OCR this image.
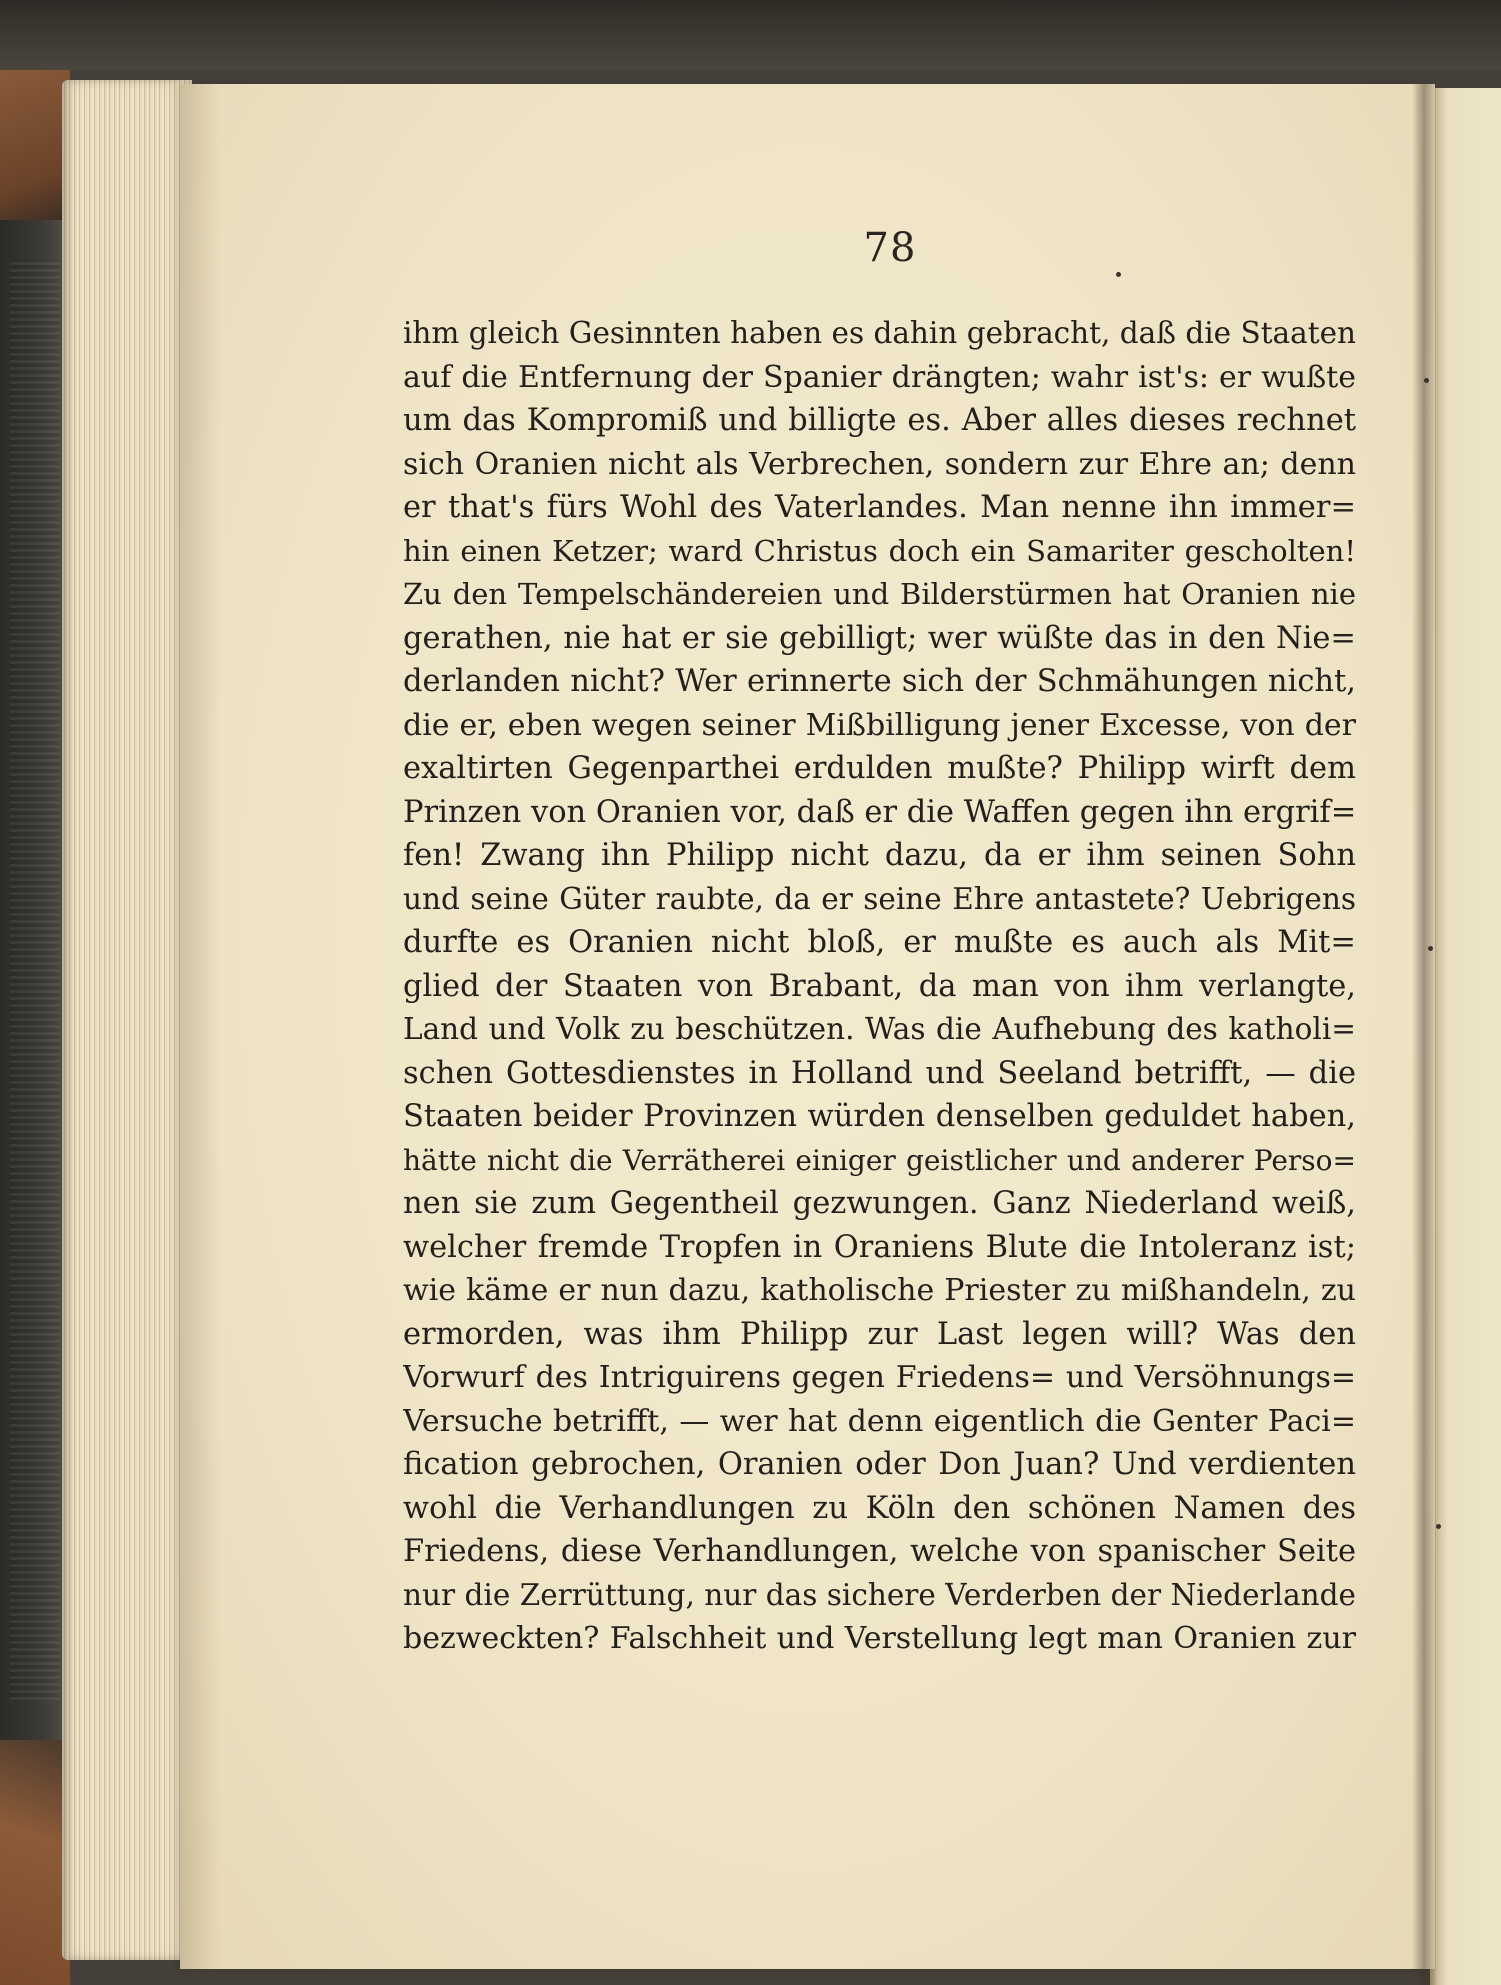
78
ihm gleich Gesinnten haben es dahin gebracht, daß die Staaten
auf die Entfernung der Spanier drängten; wahr ist's: er wußte
um das Kompromiß und billigte es. Aber alles dieses rechnet
sich Oranien nicht als Verbrechen, sondern zur Ehre an; denn
er that's fürs Wohl des Vaterlandes. Man nenne ihn immer=
hin einen Ketzer; ward Christus doch ein Samariter gescholten!
Zu den Tempelschändereien und Bilderstürmen hat Oranien nie
gerathen, nie hat er sie gebilligt; wer wüßte das in den Nie=
derlanden nicht? Wer erinnerte sich der Schmähungen nicht,
die er, eben wegen seiner Mißbilligung jener Excesse, von der
exaltirten Gegenparthei erdulden mußte? Philipp wirft dem
Prinzen von Oranien vor, daß er die Waffen gegen ihn ergrif=
fen! Zwang ihn Philipp nicht dazu, da er ihm seinen Sohn
und seine Güter raubte, da er seine Ehre antastete? Uebrigens
durfte es Oranien nicht bloß, er mußte es auch als Mit=
glied der Staaten von Brabant, da man von ihm verlangte,
Land und Volk zu beschützen. Was die Aufhebung des katholi=
schen Gottesdienstes in Holland und Seeland betrifft, — die
Staaten beider Provinzen würden denselben geduldet haben,
hätte nicht die Verrätherei einiger geistlicher und anderer Perso=
nen sie zum Gegentheil gezwungen. Ganz Niederland weiß,
welcher fremde Tropfen in Oraniens Blute die Intoleranz ist;
wie käme er nun dazu, katholische Priester zu mißhandeln, zu
ermorden, was ihm Philipp zur Last legen will? Was den
Vorwurf des Intriguirens gegen Friedens= und Versöhnungs=
Versuche betrifft, — wer hat denn eigentlich die Genter Paci=
fication gebrochen, Oranien oder Don Juan? Und verdienten
wohl die Verhandlungen zu Köln den schönen Namen des
Friedens, diese Verhandlungen, welche von spanischer Seite
nur die Zerrüttung, nur das sichere Verderben der Niederlande
bezweckten? Falschheit und Verstellung legt man Oranien zur
